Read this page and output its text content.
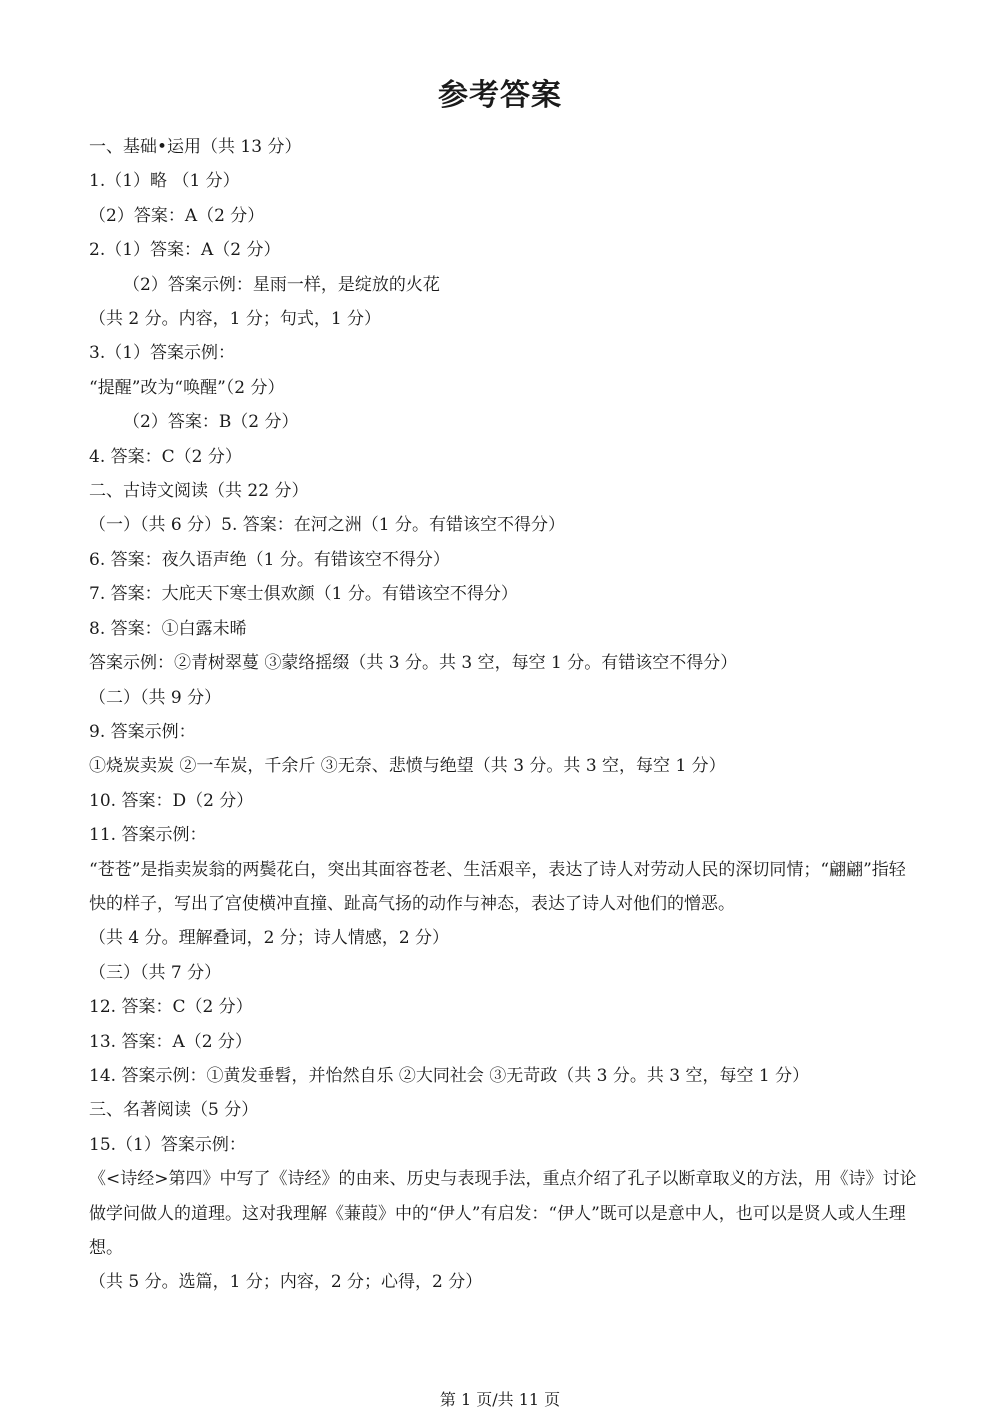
参考答案

一、基础•运用（共 13 分）

1.（1）略 （1 分）

（2）答案：A（2 分）

2.（1）答案：A（2 分）

（2）答案示例：星雨一样，是绽放的火花

（共 2 分。内容，1 分；句式，1 分）

3.（1）答案示例：

“提醒”改为“唤醒”（2 分）

（2）答案：B（2 分）

4. 答案：C（2 分）

二、古诗文阅读（共 22 分）

（一）（共 6 分）5. 答案：在河之洲（1 分。有错该空不得分）

6. 答案：夜久语声绝（1 分。有错该空不得分）

7. 答案：大庇天下寒士俱欢颜（1 分。有错该空不得分）

8. 答案：①白露未晞

答案示例：②青树翠蔓 ③蒙络摇缀（共 3 分。共 3 空，每空 1 分。有错该空不得分）

（二）（共 9 分）

9. 答案示例：

①烧炭卖炭 ②一车炭，千余斤 ③无奈、悲愤与绝望（共 3 分。共 3 空，每空 1 分）

10. 答案：D（2 分）

11. 答案示例：

“苍苍”是指卖炭翁的两鬓花白，突出其面容苍老、生活艰辛，表达了诗人对劳动人民的深切同情；“翩翩”指轻快的样子，写出了宫使横冲直撞、趾高气扬的动作与神态，表达了诗人对他们的憎恶。

（共 4 分。理解叠词，2 分；诗人情感，2 分）

（三）（共 7 分）

12. 答案：C（2 分）

13. 答案：A（2 分）

14. 答案示例：①黄发垂髫，并怡然自乐 ②大同社会 ③无苛政（共 3 分。共 3 空，每空 1 分）

三、名著阅读（5 分）

15.（1）答案示例：

《<诗经>第四》中写了《诗经》的由来、历史与表现手法，重点介绍了孔子以断章取义的方法，用《诗》讨论做学问做人的道理。这对我理解《蒹葭》中的“伊人”有启发：“伊人”既可以是意中人，也可以是贤人或人生理想。

（共 5 分。选篇，1 分；内容，2 分；心得，2 分）

第 1 页/共 11 页
